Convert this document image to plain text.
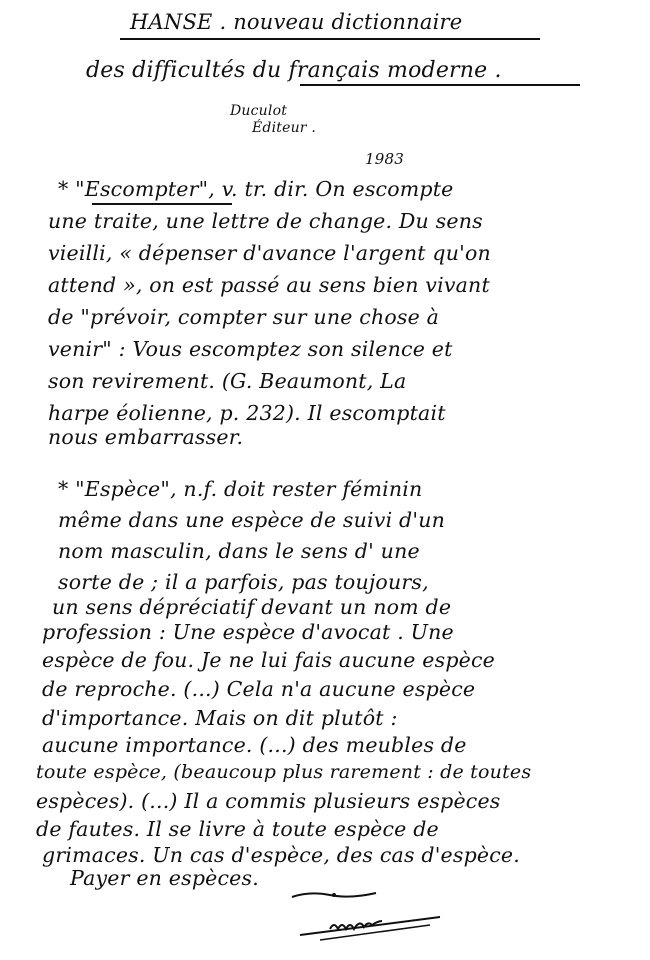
HANSE . nouveau dictionnaire
des difficultés du français moderne .
Duculot
Éditeur .
1983
* "Escompter", v. tr. dir. On escompte
une traite, une lettre de change. Du sens
vieilli, « dépenser d'avance l'argent qu'on
attend », on est passé au sens bien vivant
de "prévoir, compter sur une chose à
venir" : Vous escomptez son silence et
son revirement. (G. Beaumont, La
harpe éolienne, p. 232). Il escomptait
nous embarrasser.
* "Espèce", n.f. doit rester féminin
même dans une espèce de suivi d'un
nom masculin, dans le sens d' une
sorte de ; il a parfois, pas toujours,
un sens dépréciatif devant un nom de
profession : Une espèce d'avocat . Une
espèce de fou. Je ne lui fais aucune espèce
de reproche. (...) Cela n'a aucune espèce
d'importance. Mais on dit plutôt :
aucune importance. (...) des meubles de
toute espèce, (beaucoup plus rarement : de toutes
espèces). (...) Il a commis plusieurs espèces
de fautes. Il se livre à toute espèce de
grimaces. Un cas d'espèce, des cas d'espèce.
Payer en espèces.
